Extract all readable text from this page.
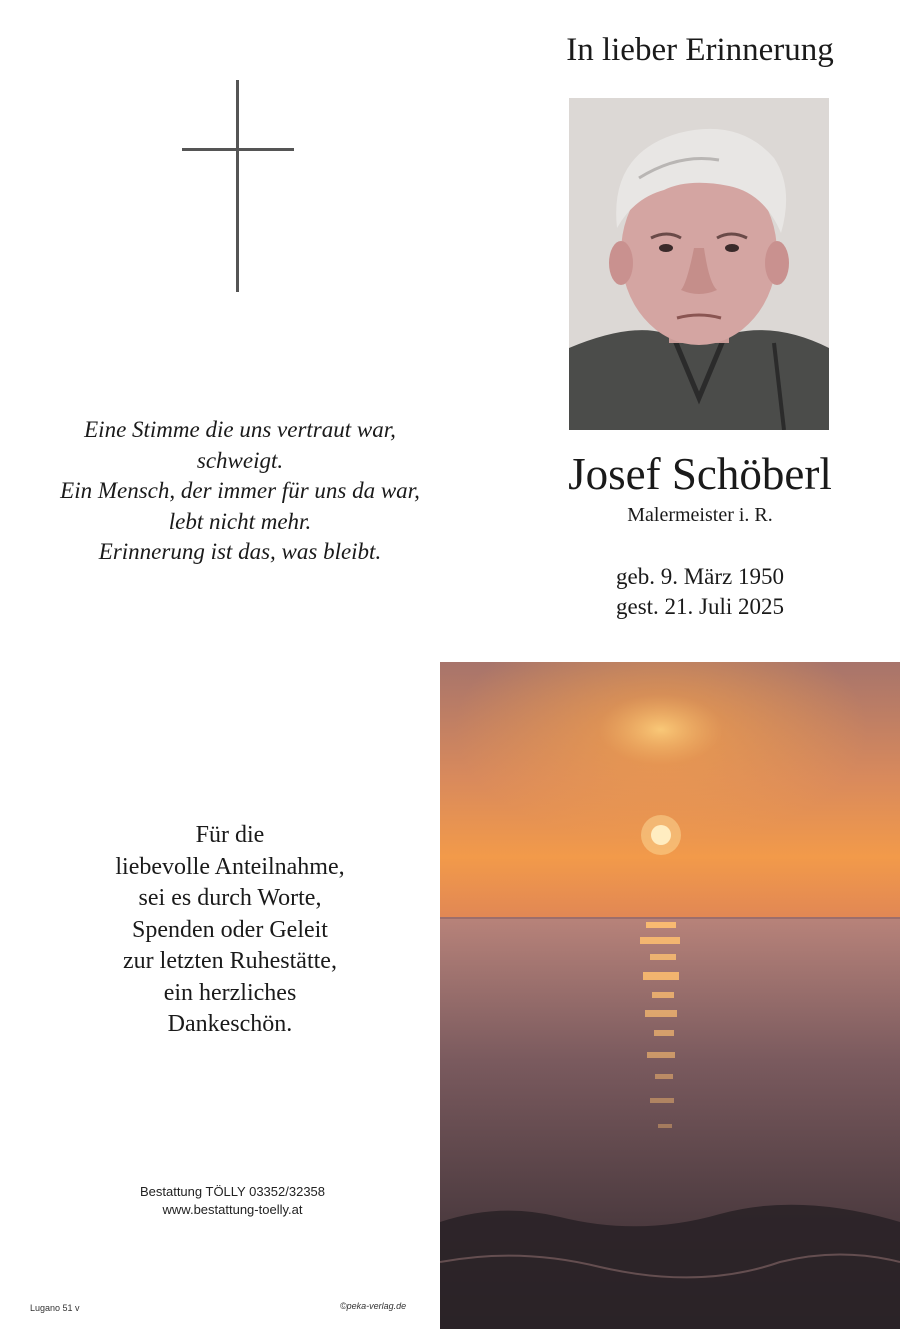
In lieber Erinnerung
Eine Stimme die uns vertraut war,
schweigt.
Ein Mensch, der immer für uns da war,
lebt nicht mehr.
Erinnerung ist das, was bleibt.
Josef Schöberl
Malermeister i. R.
geb. 9. März 1950
gest. 21. Juli 2025
Für die
liebevolle Anteilnahme,
sei es durch Worte,
Spenden oder Geleit
zur letzten Ruhestätte,
ein herzliches
Dankeschön.
Bestattung TÖLLY 03352/32358
www.bestattung-toelly.at
Lugano 51 v	©peka-verlag.de
